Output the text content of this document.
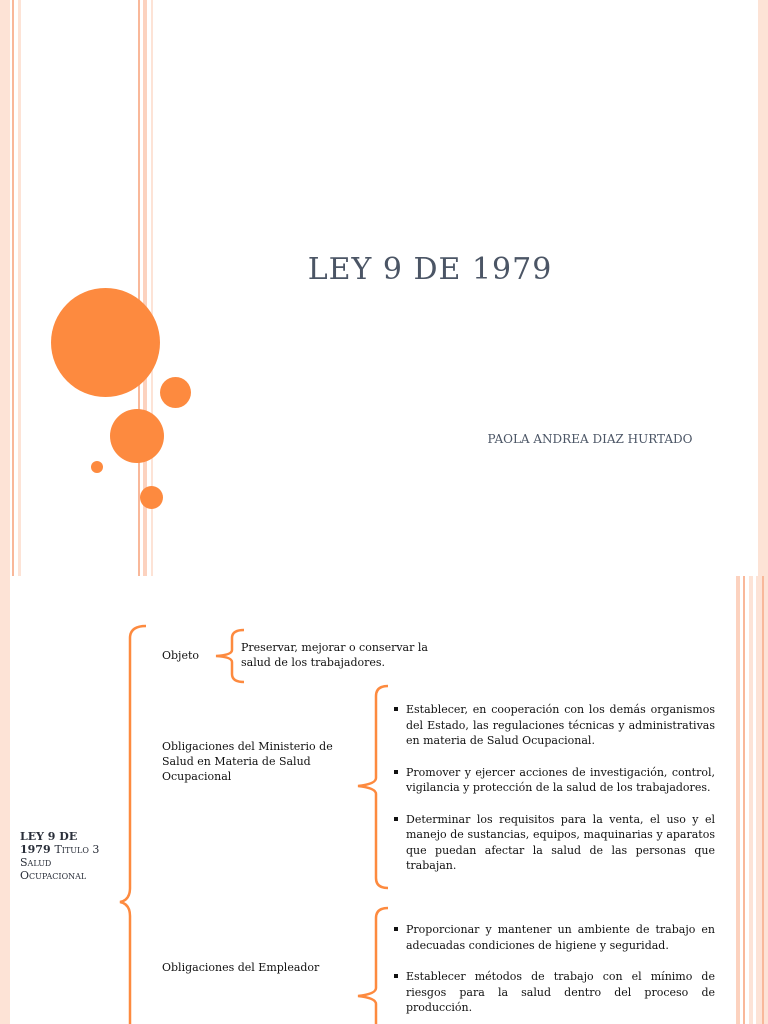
LEY 9 DE 1979
PAOLA ANDREA DIAZ HURTADO
LEY 9 DE
1979 Titulo 3
Salud
Ocupacional
Objeto
Preservar, mejorar o conservar la salud de los trabajadores.
Obligaciones del Ministerio de Salud en Materia de Salud Ocupacional
Establecer, en cooperación con los demás organismos del Estado, las regulaciones técnicas y administrativas en materia de Salud Ocupacional.
Promover y ejercer acciones de investigación, control, vigilancia y protección de la salud de los trabajadores.
Determinar los requisitos para la venta, el uso y el manejo de sustancias, equipos, maquinarias y aparatos que puedan afectar la salud de las personas que trabajan.
Obligaciones del Empleador
Proporcionar y mantener un ambiente de trabajo en adecuadas condiciones de higiene y seguridad.
Establecer métodos de trabajo con el mínimo de riesgos para la salud dentro del proceso de producción.
